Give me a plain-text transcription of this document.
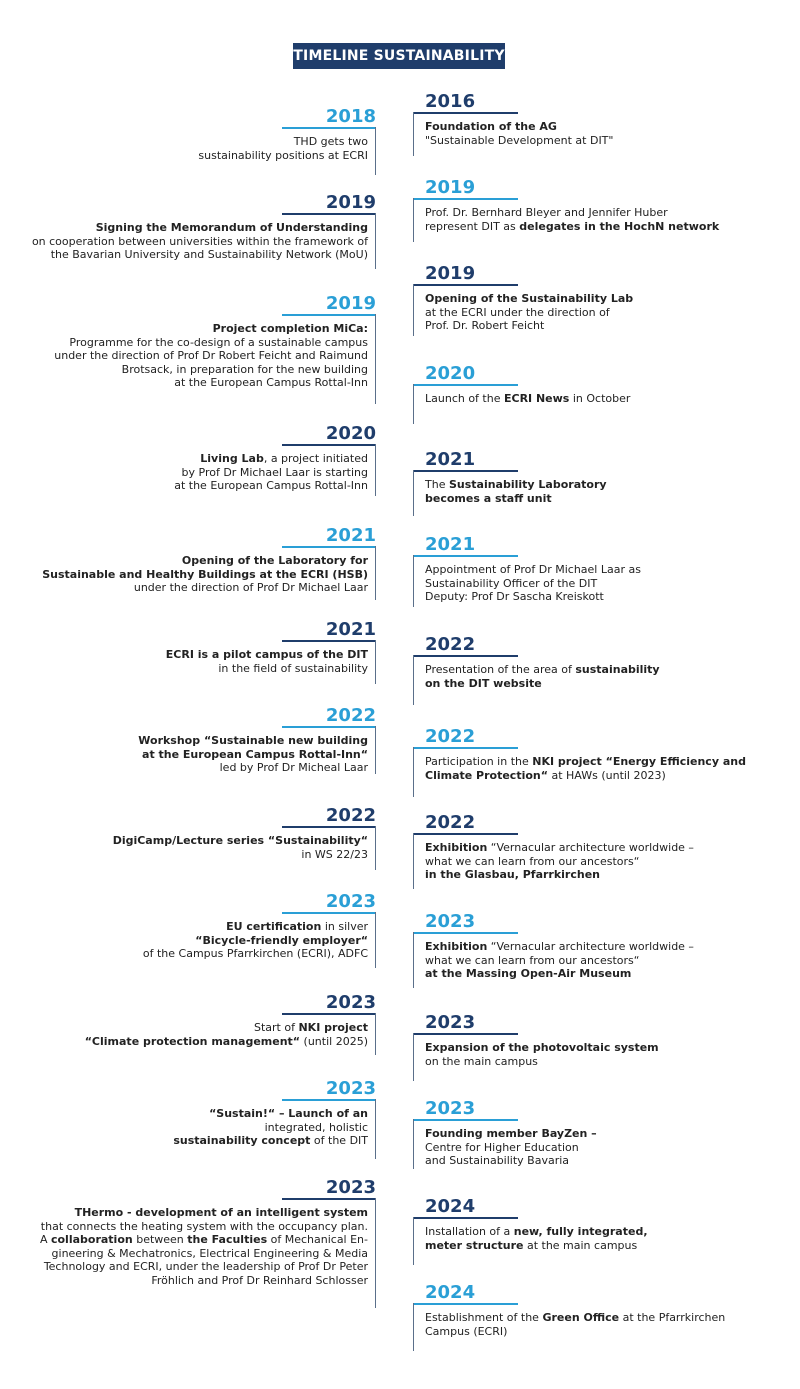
TIMELINE SUSTAINABILITY
2018
THD gets two
sustainability positions at ECRI
2019
Signing the Memorandum of Understanding
on cooperation between universities within the framework of
the Bavarian University and Sustainability Network (MoU)
2019
Project completion MiCa:
Programme for the co-design of a sustainable campus
under the direction of Prof Dr Robert Feicht and Raimund
Brotsack, in preparation for the new building
at the European Campus Rottal-Inn
2020
Living Lab, a project initiated
by Prof Dr Michael Laar is starting
at the European Campus Rottal-Inn
2021
Opening of the Laboratory for
Sustainable and Healthy Buildings at the ECRI (HSB)
under the direction of Prof Dr Michael Laar
2021
ECRI is a pilot campus of the DIT
in the field of sustainability
2022
Workshop “Sustainable new building
at the European Campus Rottal-Inn“
led by Prof Dr Micheal Laar
2022
DigiCamp/Lecture series “Sustainability“
in WS 22/23
2023
EU certification in silver
“Bicycle-friendly employer“
of the Campus Pfarrkirchen (ECRI), ADFC
2023
Start of NKI project
“Climate protection management“ (until 2025)
2023
“Sustain!“ – Launch of an
integrated, holistic
sustainability concept of the DIT
2023
THermo - development of an intelligent system
that connects the heating system with the occupancy plan.
A collaboration between the Faculties of Mechanical En-
gineering & Mechatronics, Electrical Engineering & Media
Technology and ECRI, under the leadership of Prof Dr Peter
Fröhlich and Prof Dr Reinhard Schlosser
2016
Foundation of the AG
"Sustainable Development at DIT"
2019
Prof. Dr. Bernhard Bleyer and Jennifer Huber
represent DIT as delegates in the HochN network
2019
Opening of the Sustainability Lab
at the ECRI under the direction of
Prof. Dr. Robert Feicht
2020
Launch of the ECRI News in October
2021
The Sustainability Laboratory
becomes a staff unit
2021
Appointment of Prof Dr Michael Laar as
Sustainability Officer of the DIT
Deputy: Prof Dr Sascha Kreiskott
2022
Presentation of the area of sustainability
on the DIT website
2022
Participation in the NKI project “Energy Efficiency and
Climate Protection“ at HAWs (until 2023)
2022
Exhibition “Vernacular architecture worldwide –
what we can learn from our ancestors“
in the Glasbau, Pfarrkirchen
2023
Exhibition “Vernacular architecture worldwide –
what we can learn from our ancestors“
at the Massing Open-Air Museum
2023
Expansion of the photovoltaic system
on the main campus
2023
Founding member BayZen –
Centre for Higher Education
and Sustainability Bavaria
2024
Installation of a new, fully integrated,
meter structure at the main campus
2024
Establishment of the Green Office at the Pfarrkirchen
Campus (ECRI)
